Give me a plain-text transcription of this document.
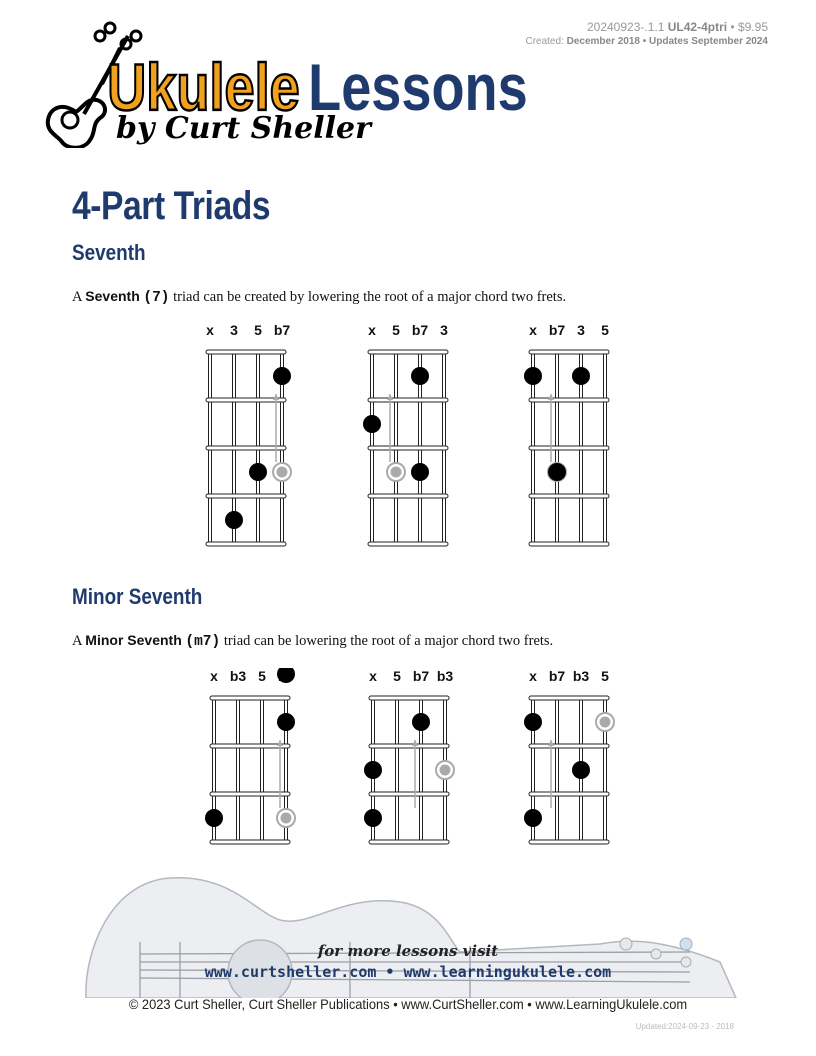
20240923-.1.1 UL42-4ptri • $9.95
Created: December 2018 • Updates September 2024
Ukulele Lessons
by Curt Sheller
4-Part Triads
Seventh
A Seventh (7) triad can be created by lowering the root of a major chord two frets.
Minor Seventh
A Minor Seventh (m7) triad can be lowering the root of a major chord two frets.
x	3	5 b7	x	5 b7 3	x b7 3	5
x b3 5	x	5 b7 b3	x b7 b3 5
for more lessons visit
www.curtsheller.com • www.learningukulele.com
© 2023 Curt Sheller, Curt Sheller Publications • www.CurtSheller.com • www.LearningUkulele.com
Updated:2024-09-23 - 2018
